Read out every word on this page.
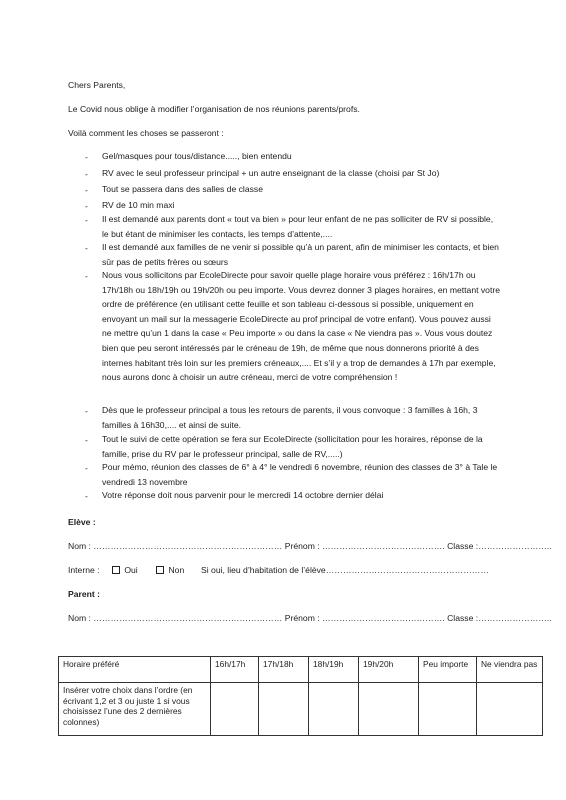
Chers Parents,
Le Covid nous oblige à modifier l’organisation de nos réunions parents/profs.
Voilà comment les choses se passeront :
- Gel/masques pour tous/distance....., bien entendu
- RV avec le seul professeur principal + un autre enseignant de la classe (choisi par St Jo)
- Tout se passera dans des salles de classe
- RV de 10 min maxi
- Il est demandé aux parents dont « tout va bien » pour leur enfant de ne pas solliciter de RV si possible, le but étant de minimiser les contacts, les temps d’attente,....
- Il est demandé aux familles de ne venir si possible qu’à un parent, afin de minimiser les contacts, et bien sûr pas de petits frères ou sœurs
- Nous vous sollicitons par EcoleDirecte pour savoir quelle plage horaire vous préférez : 16h/17h ou 17h/18h ou 18h/19h ou 19h/20h ou peu importe. Vous devrez donner 3 plages horaires, en mettant votre ordre de préférence (en utilisant cette feuille et son tableau ci-dessous si possible, uniquement en envoyant un mail sur la messagerie EcoleDirecte au prof principal de votre enfant). Vous pouvez aussi ne mettre qu’un 1 dans la case « Peu importe » ou dans la case « Ne viendra pas ». Vous vous doutez bien que peu seront intéressés par le créneau de 19h, de même que nous donnerons priorité à des internes habitant très loin sur les premiers créneaux,.... Et s’il y a trop de demandes à 17h par exemple, nous aurons donc à choisir un autre créneau, merci de votre compréhension !
- Dès que le professeur principal a tous les retours de parents, il vous convoque : 3 familles à 16h, 3 familles à 16h30,.... et ainsi de suite.
- Tout le suivi de cette opération se fera sur EcoleDirecte (sollicitation pour les horaires, réponse de la famille, prise du RV par le professeur principal, salle de RV,.....)
- Pour mémo, réunion des classes de 6° à 4° le vendredi 6 novembre, réunion des classes de 3° à Tale le vendredi 13 novembre
- Votre réponse doit nous parvenir pour le mercredi 14 octobre dernier délai
Elève :
Nom : ………………………………………………………… Prénom : ……………………………………. Classe :……………………..
Interne :	Oui	Non Si oui, lieu d’habitation de l’élève…………………………………………………
Parent :
Nom : ………………………………………………………… Prénom : ……………………………………. Classe :……………………..
Horaire préféré	16h/17h	17h/18h	18h/19h	19h/20h	Peu importe	Ne viendra pas
Insérer votre choix dans l’ordre (en écrivant 1,2 et 3 ou juste 1 si vous choisissez l’une des 2 dernières colonnes)						
